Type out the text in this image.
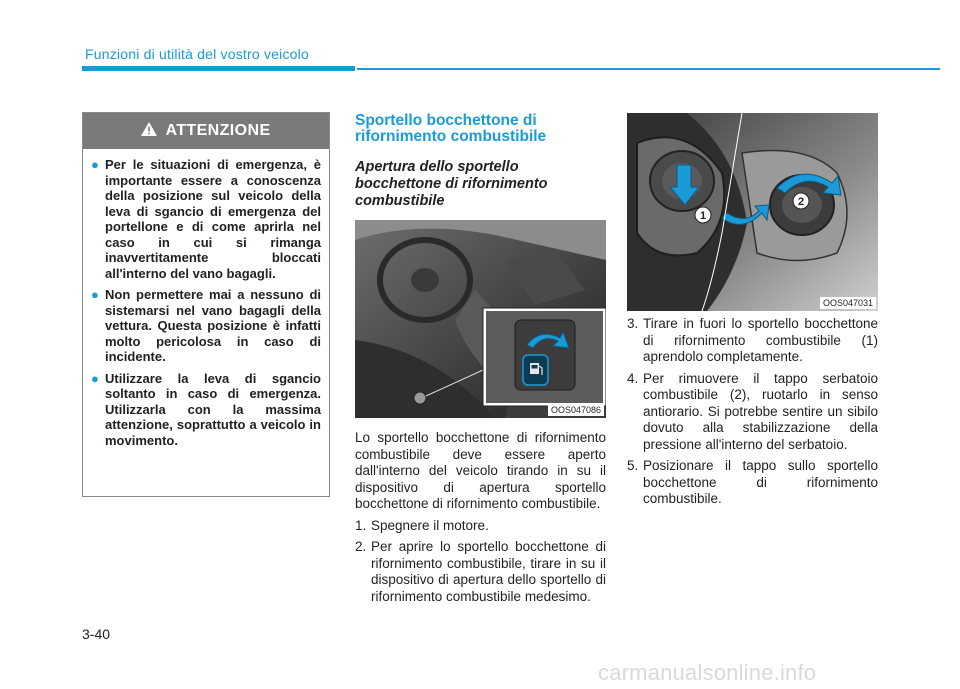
Funzioni di utilità del vostro veicolo
ATTENZIONE
● Per le situazioni di emergenza, è importante essere a conoscenza della posizione sul veicolo della leva di sgancio di emergenza del portellone e di come aprirla nel caso in cui si rimanga inavvertitamente bloccati all'interno del vano bagagli.
● Non permettere mai a nessuno di sistemarsi nel vano bagagli della vettura. Questa posizione è infatti molto pericolosa in caso di incidente.
● Utilizzare la leva di sgancio soltanto in caso di emergenza. Utilizzarla con la massima attenzione, soprattutto a veicolo in movimento.
Sportello bocchettone di rifornimento combustibile
Apertura dello sportello bocchettone di rifornimento combustibile
OOS047086

Lo sportello bocchettone di rifornimento combustibile deve essere aperto dall'interno del veicolo tirando in su il dispositivo di apertura sportello bocchettone di rifornimento combustibile.

1. Spegnere il motore.
2. Per aprire lo sportello bocchettone di rifornimento combustibile, tirare in su il dispositivo di apertura dello sportello di rifornimento combustibile medesimo.
1
2
OOS047031
3. Tirare in fuori lo sportello bocchettone di rifornimento combustibile (1) aprendolo completamente.
4. Per rimuovere il tappo serbatoio combustibile (2), ruotarlo in senso antiorario. Si potrebbe sentire un sibilo dovuto alla stabilizzazione della pressione all'interno del serbatoio.
5. Posizionare il tappo sullo sportello bocchettone di rifornimento combustibile.
3-40
carmanualsonline.info
